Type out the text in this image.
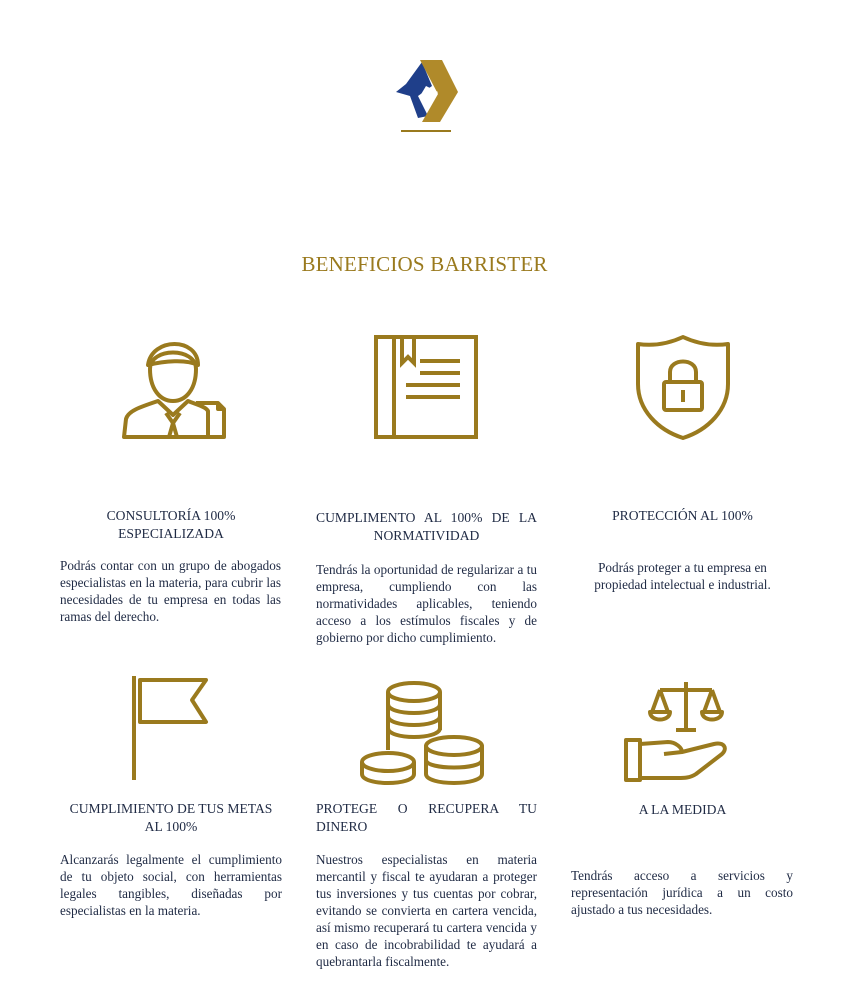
BENEFICIOS BARRISTER
CONSULTORÍA 100%
ESPECIALIZADA
Podrás contar con un grupo de abogados especialistas en la materia, para cubrir las necesidades de tu empresa en todas las ramas del derecho.
CUMPLIMENTO AL 100% DE LA
NORMATIVIDAD
Tendrás la oportunidad de regularizar a tu empresa, cumpliendo con las normatividades aplicables, teniendo acceso a los estímulos fiscales y de gobierno por dicho cumplimiento.
PROTECCIÓN AL 100%
Podrás proteger a tu empresa en propiedad intelectual e industrial.
CUMPLIMIENTO DE TUS METAS
AL 100%
Alcanzarás legalmente el cumplimiento de tu objeto social, con herramientas legales tangibles, diseñadas por especialistas en la materia.
PROTEGE O RECUPERA TU
DINERO
Nuestros especialistas en materia mercantil y fiscal te ayudaran a proteger tus inversiones y tus cuentas por cobrar, evitando se convierta en cartera vencida, así mismo recuperará tu cartera vencida y en caso de incobrabilidad te ayudará a quebrantarla fiscalmente.
A LA MEDIDA
Tendrás acceso a servicios y representación jurídica a un costo ajustado a tus necesidades.
